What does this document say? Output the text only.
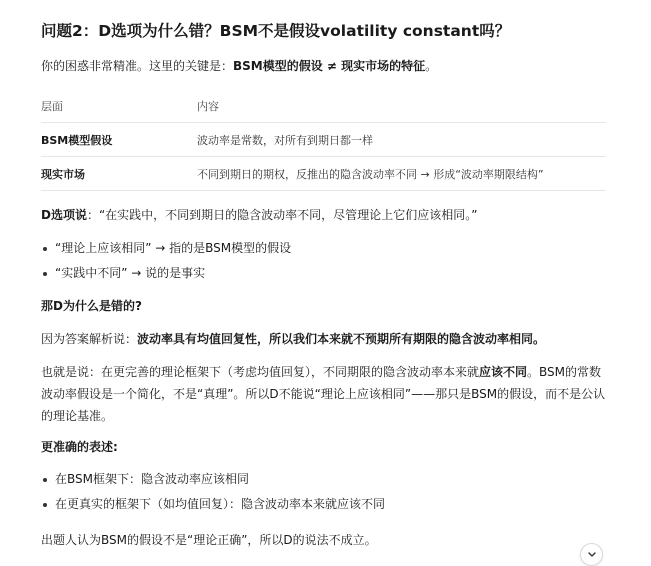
问题2：D选项为什么错？BSM不是假设volatility constant吗？

你的困惑非常精准。这里的关键是：BSM模型的假设 ≠ 现实市场的特征。

层面	内容
BSM模型假设	波动率是常数，对所有到期日都一样
现实市场	不同到期日的期权，反推出的隐含波动率不同 → 形成“波动率期限结构”

D选项说：“在实践中，不同到期日的隐含波动率不同，尽管理论上它们应该相同。”

“理论上应该相同” → 指的是BSM模型的假设
“实践中不同” → 说的是事实

那D为什么是错的?

因为答案解析说：波动率具有均值回复性，所以我们本来就不预期所有期限的隐含波动率相同。

也就是说：在更完善的理论框架下（考虑均值回复），不同期限的隐含波动率本来就应该不同。BSM的常数波动率假设是一个简化，不是“真理”。所以D不能说“理论上应该相同”——那只是BSM的假设，而不是公认的理论基准。

更准确的表述:

在BSM框架下：隐含波动率应该相同
在更真实的框架下（如均值回复）：隐含波动率本来就应该不同

出题人认为BSM的假设不是“理论正确”，所以D的说法不成立。
